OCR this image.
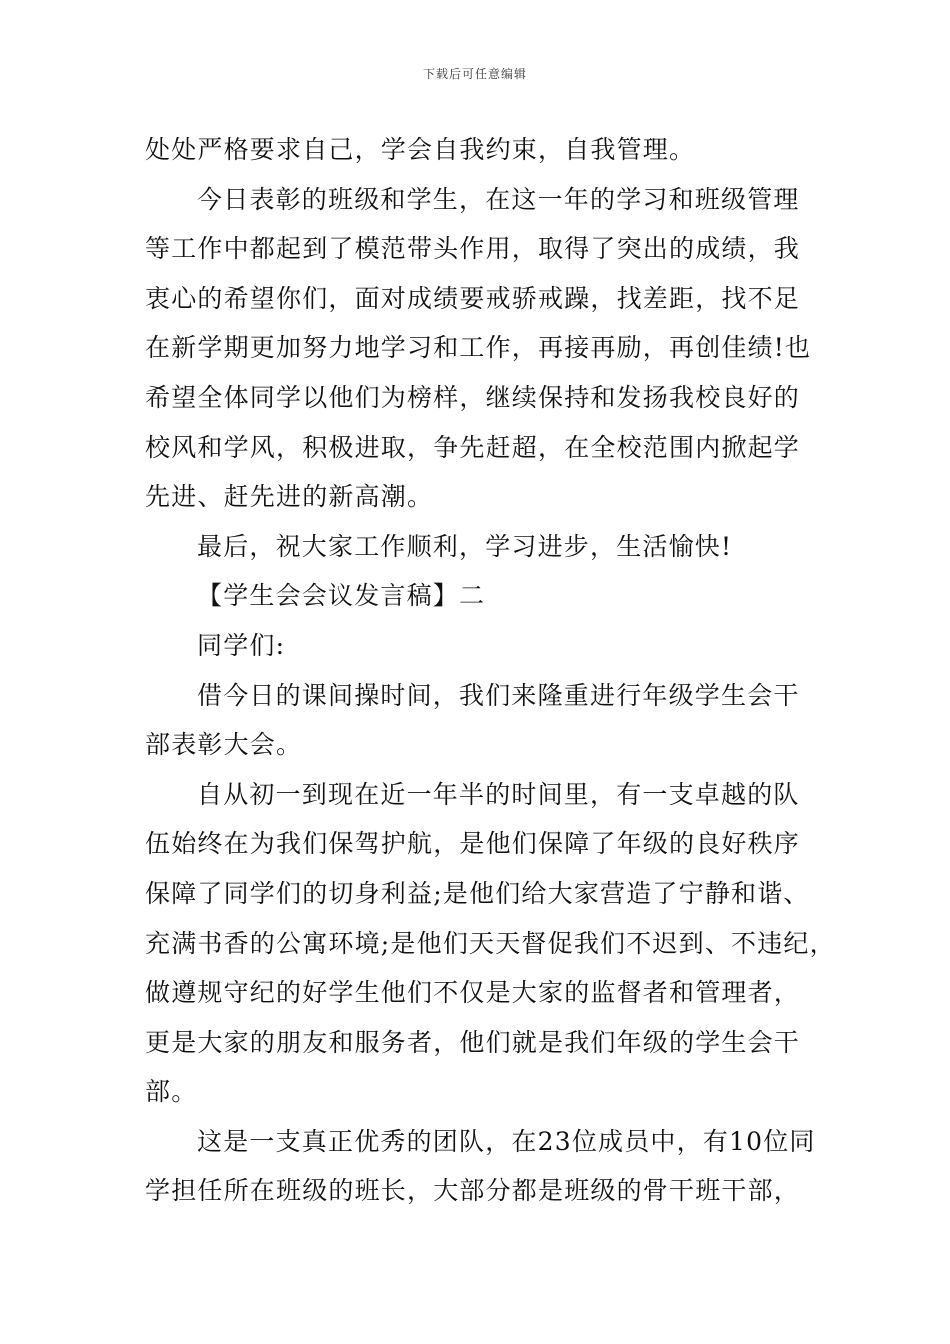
下载后可任意编辑
处处严格要求自己，学会自我约束，自我管理。
今日表彰的班级和学生，在这一年的学习和班级管理
等工作中都起到了模范带头作用，取得了突出的成绩，我
衷心的希望你们，面对成绩要戒骄戒躁，找差距，找不足
在新学期更加努力地学习和工作，再接再励，再创佳绩!也
希望全体同学以他们为榜样，继续保持和发扬我校良好的
校风和学风，积极进取，争先赶超，在全校范围内掀起学
先进、赶先进的新高潮。
最后，祝大家工作顺利，学习进步，生活愉快!
【学生会会议发言稿】二
同学们:
借今日的课间操时间，我们来隆重进行年级学生会干
部表彰大会。
自从初一到现在近一年半的时间里，有一支卓越的队
伍始终在为我们保驾护航，是他们保障了年级的良好秩序
保障了同学们的切身利益;是他们给大家营造了宁静和谐、
充满书香的公寓环境;是他们天天督促我们不迟到、不违纪，
做遵规守纪的好学生他们不仅是大家的监督者和管理者，
更是大家的朋友和服务者，他们就是我们年级的学生会干
部。
这是一支真正优秀的团队，在23位成员中，有10位同
学担任所在班级的班长，大部分都是班级的骨干班干部，
